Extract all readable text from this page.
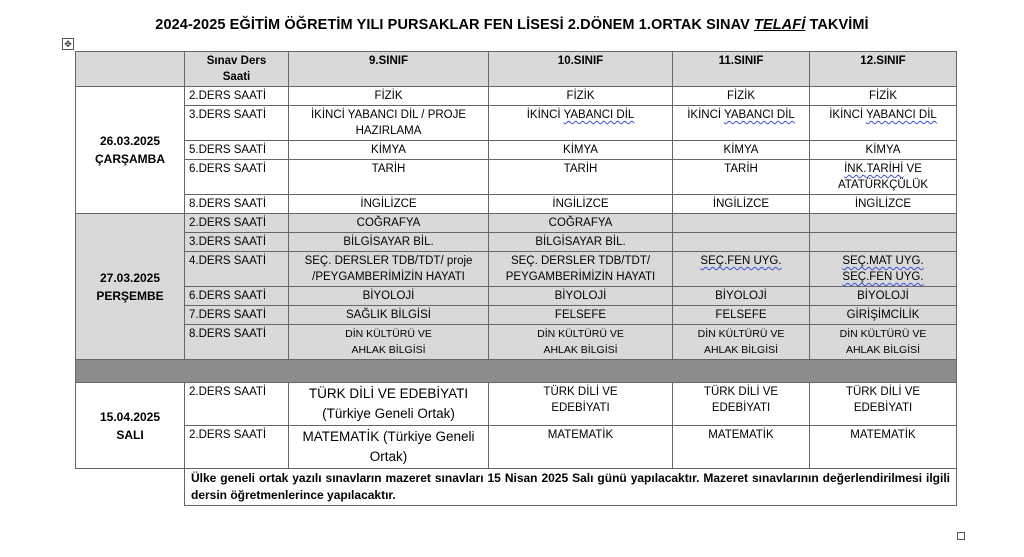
2024-2025 EĞİTİM ÖĞRETİM YILI PURSAKLAR FEN LİSESİ 2.DÖNEM 1.ORTAK SINAV TELAFİ TAKVİMİ
✥
	Sınav Ders
Saati	9.SINIF	10.SINIF	11.SINIF	12.SINIF
26.03.2025
ÇARŞAMBA	2.DERS SAATİ	FİZİK	FİZİK	FİZİK	FİZİK
	3.DERS SAATİ	İKİNCİ YABANCI DİL / PROJE
HAZIRLAMA	İKİNCİ YABANCI DİL	İKİNCİ YABANCI DİL	İKİNCİ YABANCI DİL
	5.DERS SAATİ	KİMYA	KİMYA	KİMYA	KİMYA
	6.DERS SAATİ	TARİH	TARİH	TARİH	İNK.TARİHİ VE
ATATÜRKÇÜLÜK
	8.DERS SAATİ	İNGİLİZCE	İNGİLİZCE	İNGİLİZCE	İNGİLİZCE
27.03.2025
PERŞEMBE	2.DERS SAATİ	COĞRAFYA	COĞRAFYA		
	3.DERS SAATİ	BİLGİSAYAR BİL.	BİLGİSAYAR BİL.		
	4.DERS SAATİ	SEÇ. DERSLER TDB/TDT/ proje
/PEYGAMBERİMİZİN HAYATI	SEÇ. DERSLER TDB/TDT/
PEYGAMBERİMİZİN HAYATI	SEÇ.FEN UYG.	SEÇ.MAT UYG.
SEÇ.FEN UYG.
	6.DERS SAATİ	BİYOLOJİ	BİYOLOJİ	BİYOLOJİ	BİYOLOJİ
	7.DERS SAATİ	SAĞLIK BİLGİSİ	FELSEFE	FELSEFE	GİRİŞİMCİLİK
	8.DERS SAATİ	DİN KÜLTÜRÜ VE
AHLAK BİLGİSİ	DİN KÜLTÜRÜ VE
AHLAK BİLGİSİ	DİN KÜLTÜRÜ VE
AHLAK BİLGİSİ	DİN KÜLTÜRÜ VE
AHLAK BİLGİSİ

15.04.2025
SALI	2.DERS SAATİ	TÜRK DİLİ VE EDEBİYATI
(Türkiye Geneli Ortak)	TÜRK DİLİ VE
EDEBİYATI	TÜRK DİLİ VE
EDEBİYATI	TÜRK DİLİ VE
EDEBİYATI
	2.DERS SAATİ	MATEMATİK (Türkiye Geneli
Ortak)	MATEMATİK	MATEMATİK	MATEMATİK
	Ülke geneli ortak yazılı sınavların mazeret sınavları 15 Nisan 2025 Salı günü yapılacaktır. Mazeret sınavlarının değerlendirilmesi ilgili dersin öğretmenlerince yapılacaktır.				
